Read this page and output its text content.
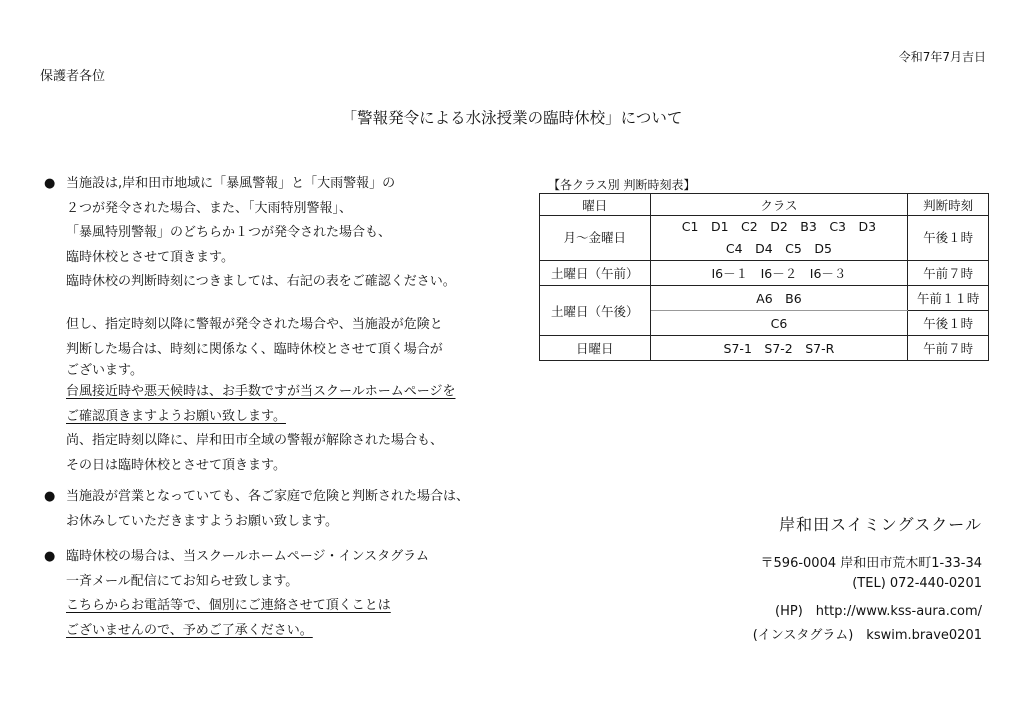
令和7年7月吉日
保護者各位
「警報発令による水泳授業の臨時休校」について
● 当施設は,岸和田市地域に「暴風警報」と「大雨警報」の
２つが発令された場合、また、「大雨特別警報」、
「暴風特別警報」のどちらか１つが発令された場合も、
臨時休校とさせて頂きます。
臨時休校の判断時刻につきましては、右記の表をご確認ください。
但し、指定時刻以降に警報が発令された場合や、当施設が危険と
判断した場合は、時刻に関係なく、臨時休校とさせて頂く場合が
ございます。
台風接近時や悪天候時は、お手数ですが当スクールホームページを
ご確認頂きますようお願い致します。
尚、指定時刻以降に、岸和田市全域の警報が解除された場合も、
その日は臨時休校とさせて頂きます。
● 当施設が営業となっていても、各ご家庭で危険と判断された場合は、
お休みしていただきますようお願い致します。
● 臨時休校の場合は、当スクールホームページ・インスタグラム
一斉メール配信にてお知らせ致します。
こちらからお電話等で、個別にご連絡させて頂くことは
ございませんので、予めご了承ください。
【各クラス別 判断時刻表】
曜日	クラス	判断時刻
月～金曜日	C1　D1　C2　D2　B3　C3　D3
C4　D4　C5　D5	午後１時
土曜日（午前）	I6－１　I6－２　I6－３	午前７時
土曜日（午後）	A6　B6	午前１１時
	C6	午後１時
日曜日	S7-1　S7-2　S7-R	午前７時
岸和田スイミングスクール
〒596-0004 岸和田市荒木町1-33-34
(TEL) 072-440-0201
(HP)　http://www.kss-aura.com/
(インスタグラム)　kswim.brave0201
